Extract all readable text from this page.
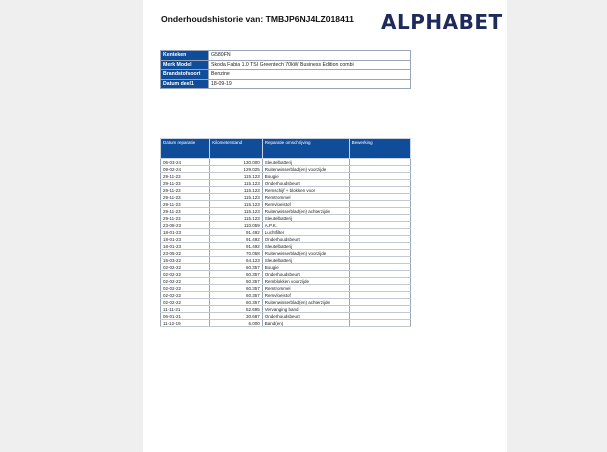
Onderhoudshistorie van: TMBJP6NJ4LZ018411 ALPHABET
Kenteken	G580FN
Merk Model	Skoda Fabia 1.0 TSI Greentech 70kW Business Edition combi
Brandstofsoort	Benzine
Datum deel1	18-09-19
Datum reparatie	Kilometerstand	Reparatie omschrijving	Bewerking
06-03-24	130.000	Sleutelbatterij	
09-02-24	129.025	Ruitenwisserblad(en) voorzijde	
29-11-23	115.123	Bougie	
29-11-23	115.123	Onderhoudsbeurt	
29-11-23	115.123	Remschijf + blokken voor	
29-11-23	115.123	Remtrommel	
29-11-23	115.123	Remvloeistof	
29-11-23	115.123	Ruitenwisserblad(en) achterzijde	
29-11-23	115.123	Sleutelbatterij	
23-08-23	110.059	A.P.K.	
18-01-23	91.492	Luchtfilter	
18-01-23	91.492	Onderhoudsbeurt	
18-01-23	91.492	Sleutelbatterij	
23-05-22	70.058	Ruitenwisserblad(en) voorzijde	
15-03-22	64.123	Sleutelbatterij	
02-02-22	60.357	Bougie	
02-02-22	60.357	Onderhoudsbeurt	
02-02-22	60.357	Remblokken voorzijde	
02-02-22	60.357	Remtrommel	
02-02-22	60.357	Remvloeistof	
02-02-22	60.357	Ruitenwisserblad(en) achterzijde	
11-11-21	52.695	Vervanging band	
06-01-21	30.687	Onderhoudsbeurt	
11-12-19	6.000	Band(en)	
